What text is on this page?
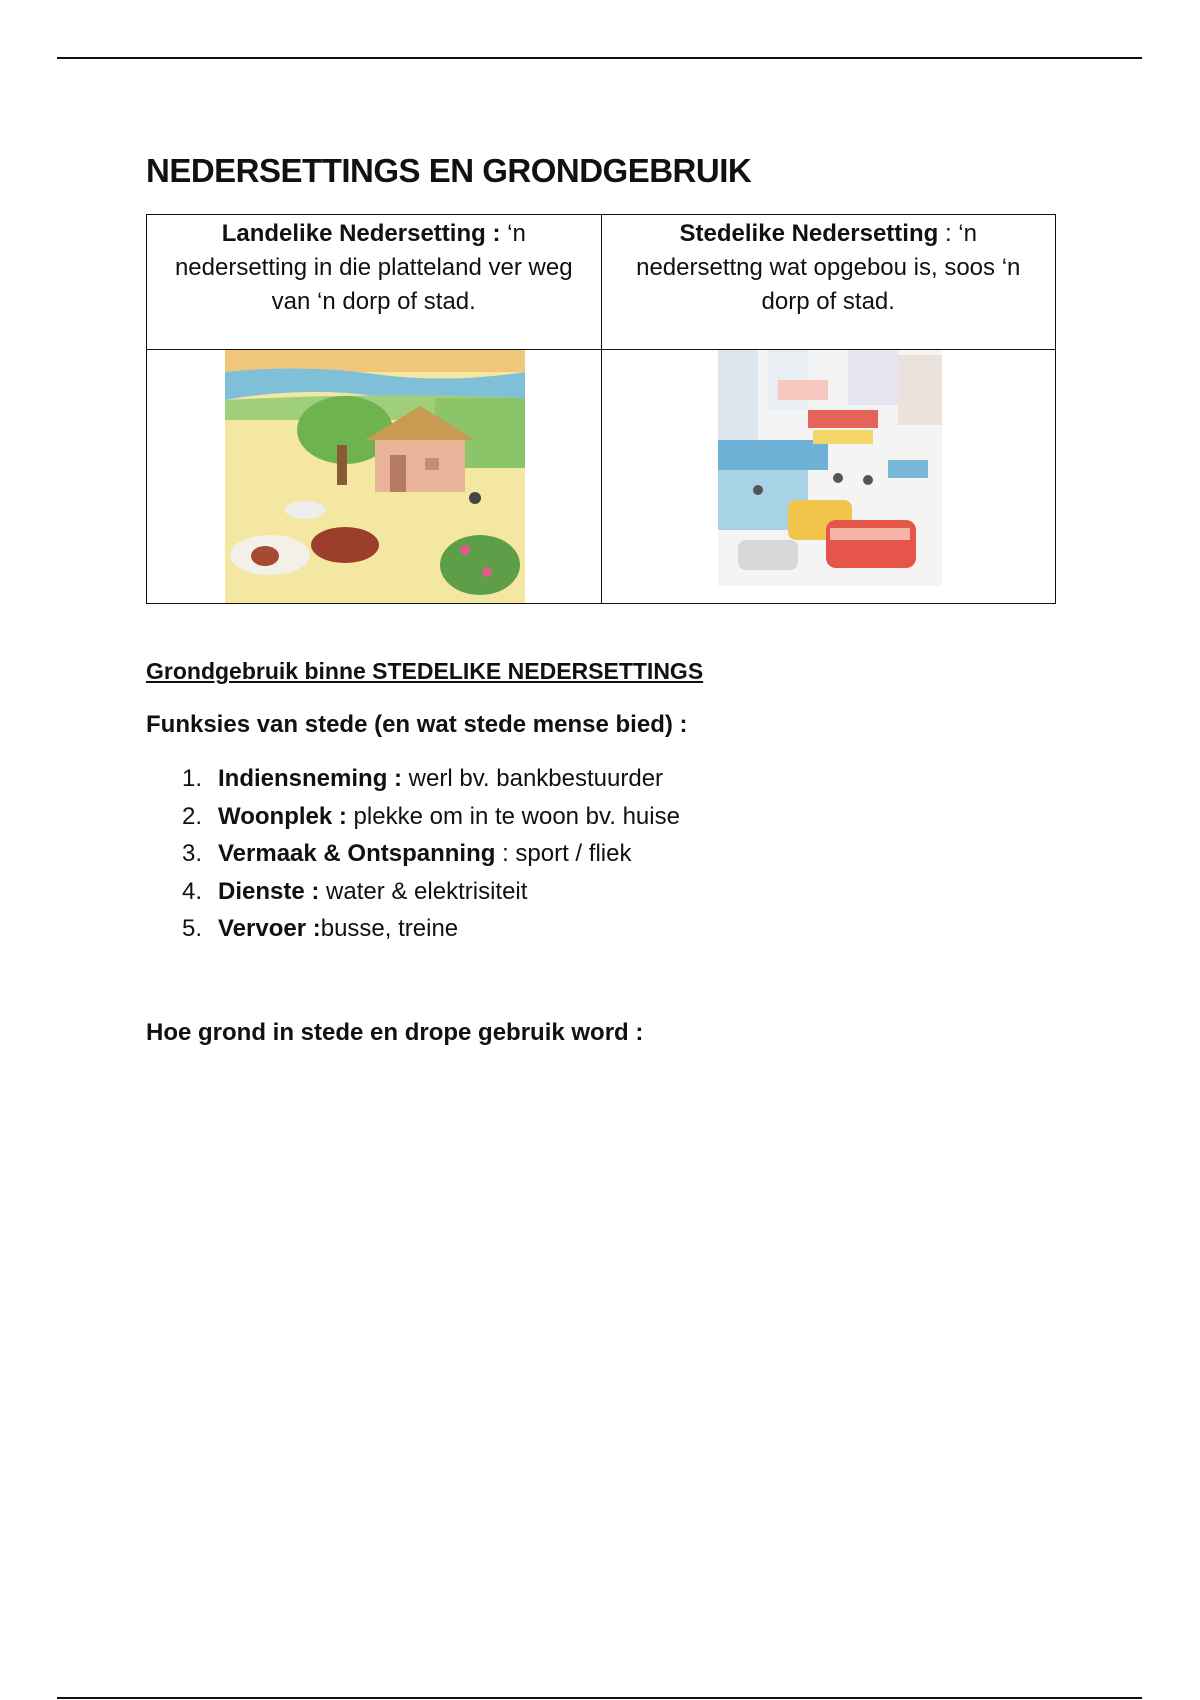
NEDERSETTINGS EN GRONDGEBRUIK
Landelike Nedersetting : ‘n nedersetting in die platteland ver weg van ‘n dorp of stad.	Stedelike Nedersetting : ‘n nedersettng wat opgebou is, soos ‘n dorp of stad.

Grondgebruik binne STEDELIKE NEDERSETTINGS
Funksies van stede (en wat stede mense bied) :
1. Indiensneming : werl bv. bankbestuurder
2. Woonplek : plekke om in te woon bv. huise
3. Vermaak & Ontspanning : sport / fliek
4. Dienste : water & elektrisiteit
5. Vervoer :busse, treine
Hoe grond in stede en drope gebruik word :
